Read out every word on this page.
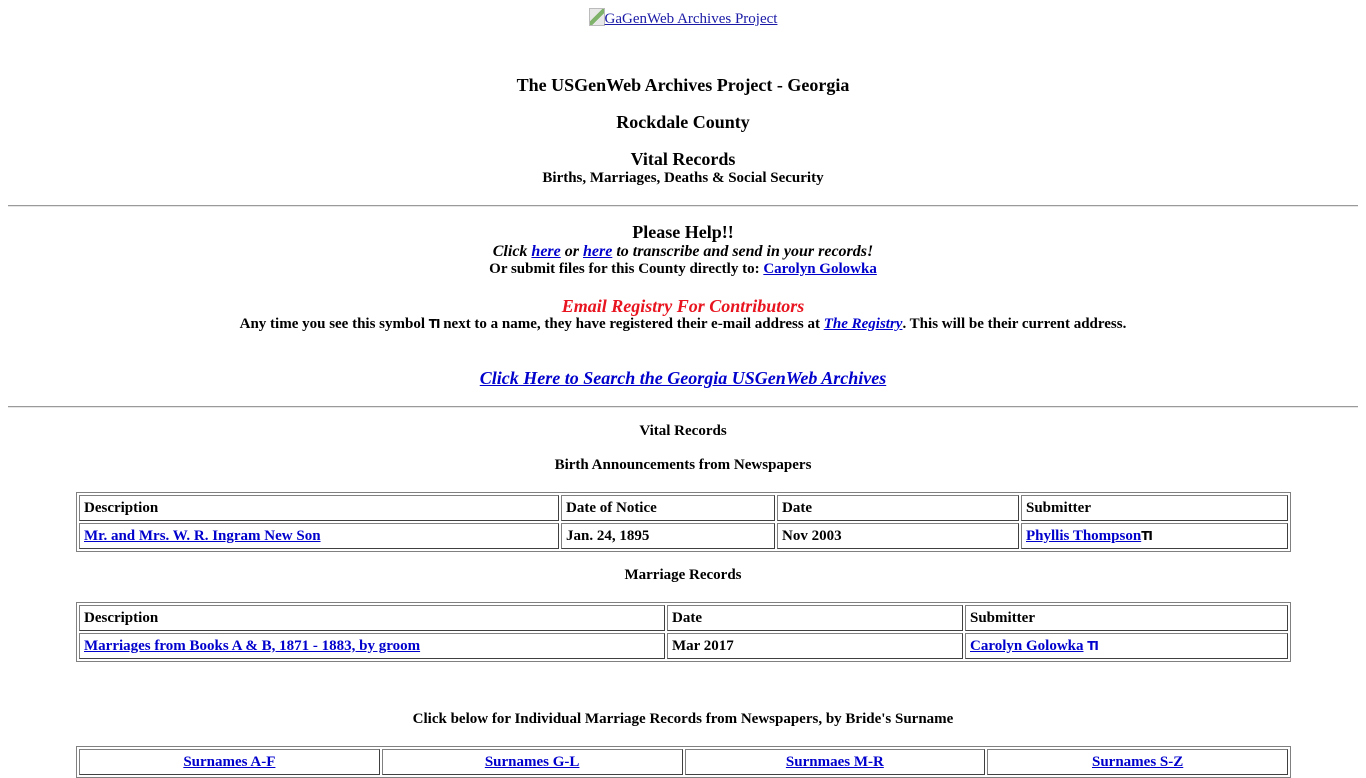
GaGenWeb Archives Project
The USGenWeb Archives Project - Georgia
Rockdale County
Vital Records
Births, Marriages, Deaths & Social Security
Please Help!!
Click here or here to transcribe and send in your records!
Or submit files for this County directly to: Carolyn Golowka
Email Registry For Contributors
Any time you see this symbol TI next to a name, they have registered their e-mail address at The Registry. This will be their current address.
Click Here to Search the Georgia USGenWeb Archives
Vital Records
Birth Announcements from Newspapers
Description	Date of Notice	Date	Submitter
Mr. and Mrs. W. R. Ingram New Son	Jan. 24, 1895	Nov 2003	Phyllis ThompsonTI
Marriage Records
Description	Date	Submitter
Marriages from Books A & B, 1871 - 1883, by groom	Mar 2017	Carolyn Golowka TI
Click below for Individual Marriage Records from Newspapers, by Bride's Surname
Surnames A-F	Surnames G-L	Surnmaes M-R	Surnames S-Z
